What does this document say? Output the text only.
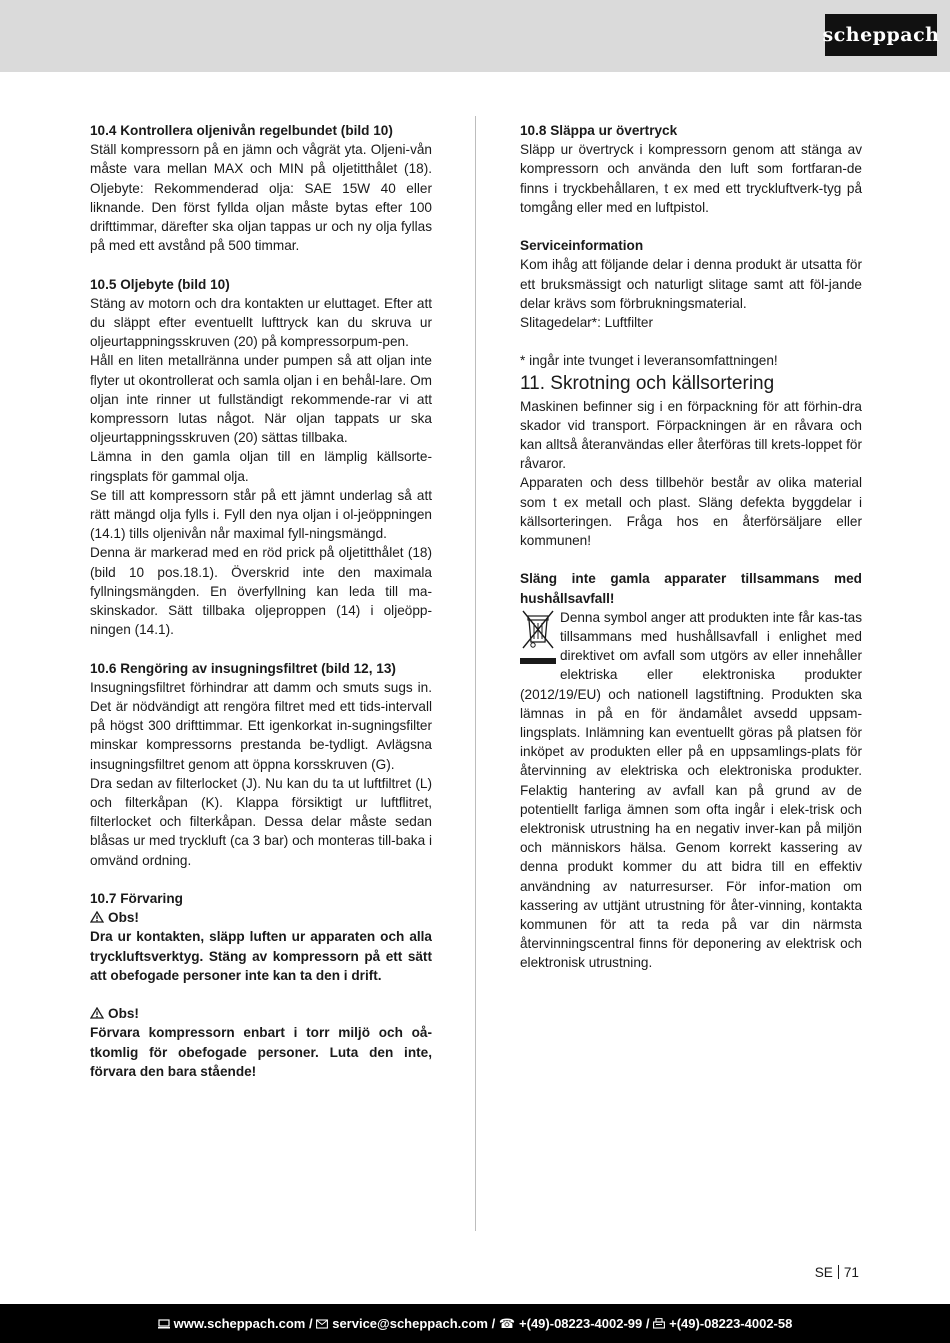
scheppach

10.4 Kontrollera oljenivån regelbundet (bild 10)

Ställ kompressorn på en jämn och vågrät yta. Oljeni-vån måste vara mellan MAX och MIN på oljetitthålet (18). Oljebyte: Rekommenderad olja: SAE 15W 40 eller liknande. Den först fyllda oljan måste bytas efter 100 drifttimmar, därefter ska oljan tappas ur och ny olja fyllas på med ett avstånd på 500 timmar.

10.5 Oljebyte (bild 10)

Stäng av motorn och dra kontakten ur eluttaget. Efter att du släppt efter eventuellt lufttryck kan du skruva ur oljeurtappningsskruven (20) på kompressorpum-pen.

Håll en liten metallränna under pumpen så att oljan inte flyter ut okontrollerat och samla oljan i en behål-lare. Om oljan inte rinner ut fullständigt rekommende-rar vi att kompressorn lutas något. När oljan tappats ur ska oljeurtappningsskruven (20) sättas tillbaka.

Lämna in den gamla oljan till en lämplig källsorte-ringsplats för gammal olja.

Se till att kompressorn står på ett jämnt underlag så att rätt mängd olja fylls i. Fyll den nya oljan i ol-jeöppningen (14.1) tills oljenivån når maximal fyll-ningsmängd.

Denna är markerad med en röd prick på oljetitthålet (18) (bild 10 pos.18.1). Överskrid inte den maximala fyllningsmängden. En överfyllning kan leda till ma-skinskador. Sätt tillbaka oljeproppen (14) i oljeöpp-ningen (14.1).

10.6 Rengöring av insugningsfiltret (bild 12, 13)

Insugningsfiltret förhindrar att damm och smuts sugs in. Det är nödvändigt att rengöra filtret med ett tids-intervall på högst 300 drifttimmar. Ett igenkorkat in-sugningsfilter minskar kompressorns prestanda be-tydligt. Avlägsna insugningsfiltret genom att öppna korsskruven (G).

Dra sedan av filterlocket (J). Nu kan du ta ut luftfiltret (L) och filterkåpan (K). Klappa försiktigt ur luftflitret, filterlocket och filterkåpan. Dessa delar måste sedan blåsas ur med tryckluft (ca 3 bar) och monteras till-baka i omvänd ordning.

10.7 Förvaring

Obs!

Dra ur kontakten, släpp luften ur apparaten och alla tryckluftsverktyg. Stäng av kompressorn på ett sätt att obefogade personer inte kan ta den i drift.

Obs!

Förvara kompressorn enbart i torr miljö och oå-tkomlig för obefogade personer. Luta den inte, förvara den bara stående!

10.8 Släppa ur övertryck

Släpp ur övertryck i kompressorn genom att stänga av kompressorn och använda den luft som fortfaran-de finns i tryckbehållaren, t ex med ett tryckluftverk-tyg på tomgång eller med en luftpistol.

Serviceinformation

Kom ihåg att följande delar i denna produkt är utsatta för ett bruksmässigt och naturligt slitage samt att föl-jande delar krävs som förbrukningsmaterial.

Slitagedelar*: Luftfilter

* ingår inte tvunget i leveransomfattningen!

11. Skrotning och källsortering

Maskinen befinner sig i en förpackning för att förhin-dra skador vid transport. Förpackningen är en råvara och kan alltså återanvändas eller återföras till krets-loppet för råvaror.

Apparaten och dess tillbehör består av olika material som t ex metall och plast. Släng defekta byggdelar i källsorteringen. Fråga hos en återförsäljare eller kommunen!

Släng inte gamla apparater tillsammans med hushållsavfall!

Denna symbol anger att produkten inte får kas-tas tillsammans med hushållsavfall i enlighet med direktivet om avfall som utgörs av eller innehåller elektriska eller elektroniska produkter (2012/19/EU) och nationell lagstiftning. Produkten ska lämnas in på en för ändamålet avsedd uppsam-lingsplats. Inlämning kan eventuellt göras på platsen för inköpet av produkten eller på en uppsamlings-plats för återvinning av elektriska och elektroniska produkter. Felaktig hantering av avfall kan på grund av de potentiellt farliga ämnen som ofta ingår i elek-trisk och elektronisk utrustning ha en negativ inver-kan på miljön och människors hälsa. Genom korrekt kassering av denna produkt kommer du att bidra till en effektiv användning av naturresurser. För infor-mation om kassering av uttjänt utrustning för åter-vinning, kontakta kommunen för att ta reda på var din närmsta återvinningscentral finns för deponering av elektrisk och elektronisk utrustning.

SE 71
www.scheppach.com /
service@scheppach.com /
☎ +(49)-08223-4002-99 /
+(49)-08223-4002-58
